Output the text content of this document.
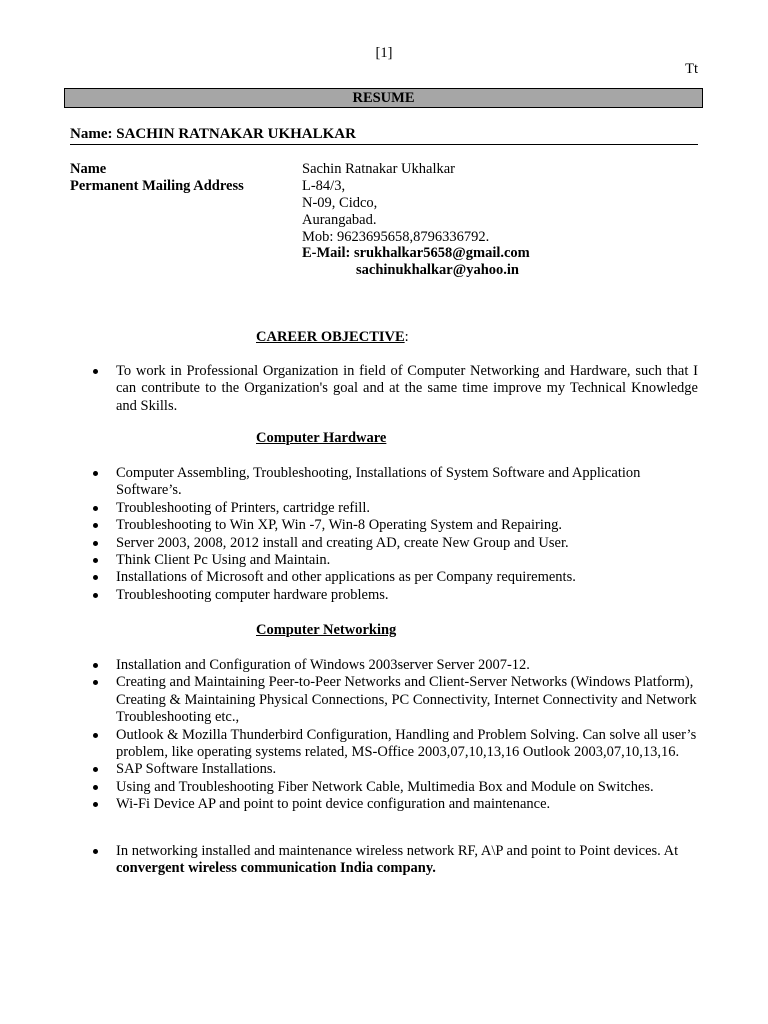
[1]
Tt
RESUME
Name: SACHIN RATNAKAR UKHALKAR
Name	Sachin Ratnakar Ukhalkar
Permanent Mailing Address	L-84/3,
N-09, Cidco,
Aurangabad.
Mob: 9623695658,8796336792.
E-Mail: srukhalkar5658@gmail.com
sachinukhalkar@yahoo.in
CAREER OBJECTIVE:
To work in Professional Organization in field of Computer Networking and Hardware, such that I can contribute to the Organization's goal and at the same time improve my Technical Knowledge and Skills.
Computer Hardware
Computer Assembling, Troubleshooting, Installations of System Software and Application Software’s.
Troubleshooting of Printers, cartridge refill.
Troubleshooting to Win XP, Win -7, Win-8 Operating System and Repairing.
Server 2003, 2008, 2012 install and creating AD, create New Group and User.
Think Client Pc Using and Maintain.
Installations of Microsoft and other applications as per Company requirements.
Troubleshooting computer hardware problems.
Computer Networking
Installation and Configuration of Windows 2003server Server 2007-12.
Creating and Maintaining Peer-to-Peer Networks and Client-Server Networks (Windows Platform), Creating & Maintaining Physical Connections, PC Connectivity, Internet Connectivity and Network Troubleshooting etc.,
Outlook & Mozilla Thunderbird Configuration, Handling and Problem Solving. Can solve all user’s problem, like operating systems related, MS-Office 2003,07,10,13,16 Outlook 2003,07,10,13,16.
SAP Software Installations.
Using and Troubleshooting Fiber Network Cable, Multimedia Box and Module on Switches.
Wi-Fi Device AP and point to point device configuration and maintenance.
In networking installed and maintenance wireless network RF, A\P and point to Point devices. At convergent wireless communication India company.
